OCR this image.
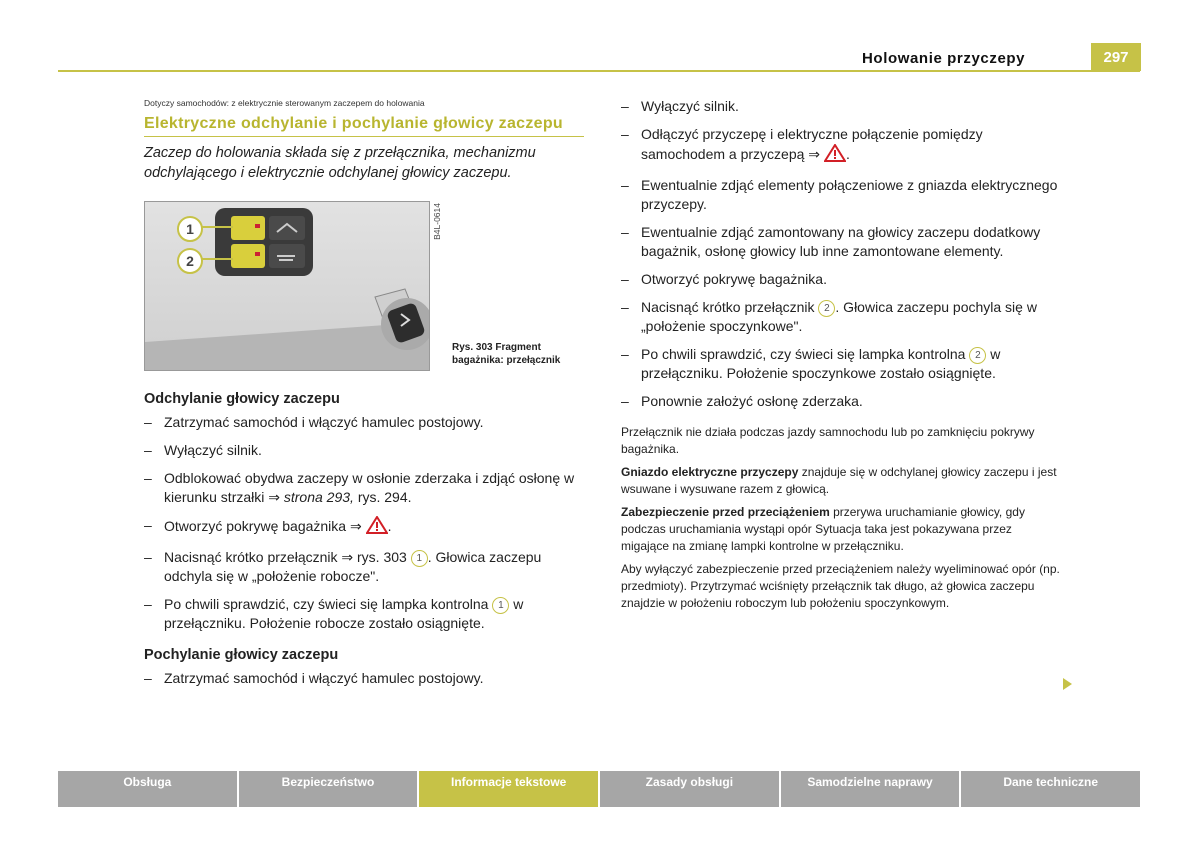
Holowanie przyczepy	297
Dotyczy samochodów: z elektrycznie sterowanym zaczepem do holowania
Elektryczne odchylanie i pochylanie głowicy zaczepu
Zaczep do holowania składa się z przełącznika, mechanizmu odchylającego i elektrycznie odchylanej głowicy zaczepu.
1
2
B4L-0614
Rys. 303 Fragment
bagażnika: przełącznik
Odchylanie głowicy zaczepu
– Zatrzymać samochód i włączyć hamulec postojowy.
– Wyłączyć silnik.
– Odblokować obydwa zaczepy w osłonie zderzaka i zdjąć osłonę w kierunku strzałki ⇒ strona 293, rys. 294.
– Otworzyć pokrywę bagażnika ⇒ .
– Nacisnąć krótko przełącznik ⇒ rys. 303 1 . Głowica zaczepu odchyla się w „położenie robocze".
– Po chwili sprawdzić, czy świeci się lampka kontrolna 1 w przełączniku. Położenie robocze zostało osiągnięte.
Pochylanie głowicy zaczepu
– Zatrzymać samochód i włączyć hamulec postojowy.
– Wyłączyć silnik.
– Odłączyć przyczepę i elektryczne połączenie pomiędzy samochodem a przyczepą ⇒ .
– Ewentualnie zdjąć elementy połączeniowe z gniazda elektrycznego przyczepy.
– Ewentualnie zdjąć zamontowany na głowicy zaczepu dodatkowy bagażnik, osłonę głowicy lub inne zamontowane elementy.
– Otworzyć pokrywę bagażnika.
– Nacisnąć krótko przełącznik 2 . Głowica zaczepu pochyla się w „położenie spoczynkowe".
– Po chwili sprawdzić, czy świeci się lampka kontrolna 2 w przełączniku. Położenie spoczynkowe zostało osiągnięte.
– Ponownie założyć osłonę zderzaka.
Przełącznik nie działa podczas jazdy samnochodu lub po zamknięciu pokrywy bagażnika.
Gniazdo elektryczne przyczepy znajduje się w odchylanej głowicy zaczepu i jest wsuwane i wysuwane razem z głowicą.
Zabezpieczenie przed przeciążeniem przerywa uruchamianie głowicy, gdy podczas uruchamiania wystąpi opór Sytuacja taka jest pokazywana przez migające na zmianę lampki kontrolne w przełączniku.
Aby wyłączyć zabezpieczenie przed przeciążeniem należy wyeliminować opór (np. przedmioty). Przytrzymać wciśnięty przełącznik tak długo, aż głowica zaczepu znajdzie w położeniu roboczym lub położeniu spoczynkowym.
Obsługa	Bezpieczeństwo	Informacje tekstowe	Zasady obsługi	Samodzielne naprawy	Dane techniczne
